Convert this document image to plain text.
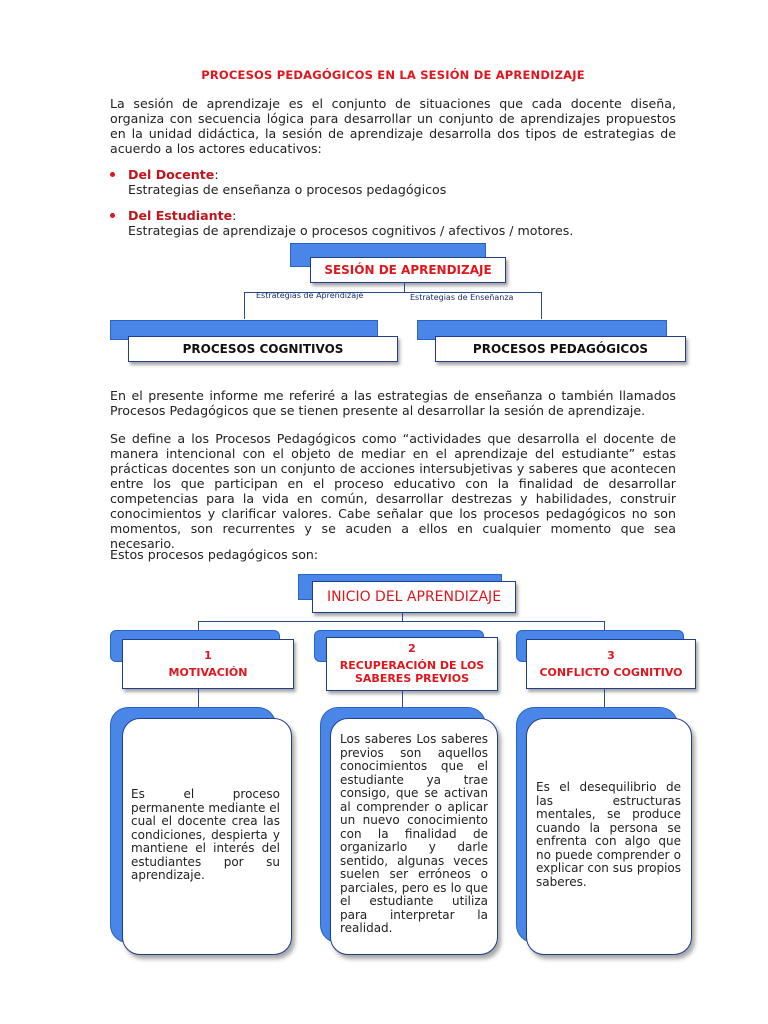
PROCESOS PEDAGÓGICOS EN LA SESIÓN DE APRENDIZAJE

La sesión de aprendizaje es el conjunto de situaciones que cada docente diseña, organiza con secuencia lógica para desarrollar un conjunto de aprendizajes propuestos en la unidad didáctica, la sesión de aprendizaje desarrolla dos tipos de estrategias de acuerdo a los actores educativos:

Del Docente:
Estrategias de enseñanza o procesos pedagógicos
Del Estudiante:
Estrategias de aprendizaje o procesos cognitivos / afectivos / motores.
SESIÓN DE APRENDIZAJE
Estrategias de Aprendizaje	Estrategias de Enseñanza
PROCESOS COGNITIVOS	PROCESOS PEDAGÓGICOS

En el presente informe me referiré a las estrategias de enseñanza o también llamados Procesos Pedagógicos que se tienen presente al desarrollar la sesión de aprendizaje.

Se define a los Procesos Pedagógicos como “actividades que desarrolla el docente de manera intencional con el objeto de mediar en el aprendizaje del estudiante” estas prácticas docentes son un conjunto de acciones intersubjetivas y saberes que acontecen entre los que participan en el proceso educativo con la finalidad de desarrollar competencias para la vida en común, desarrollar destrezas y habilidades, construir conocimientos y clarificar valores. Cabe señalar que los procesos pedagógicos no son momentos, son recurrentes y se acuden a ellos en cualquier momento que sea necesario.

Estos procesos pedagógicos son:

INICIO DEL APRENDIZAJE
1
MOTIVACIÓN
Es el proceso permanente mediante el cual el docente crea las condiciones, despierta y mantiene el interés del estudiantes por su aprendizaje.
2
RECUPERACIÓN DE LOS SABERES PREVIOS
Los saberes Los saberes previos son aquellos conocimientos que el estudiante ya trae consigo, que se activan al comprender o aplicar un nuevo conocimiento con la finalidad de organizarlo y darle sentido, algunas veces suelen ser erróneos o parciales, pero es lo que el estudiante utiliza para interpretar la realidad.
3
CONFLICTO COGNITIVO
Es el desequilibrio de las estructuras mentales, se produce cuando la persona se enfrenta con algo que no puede comprender o explicar con sus propios saberes.
